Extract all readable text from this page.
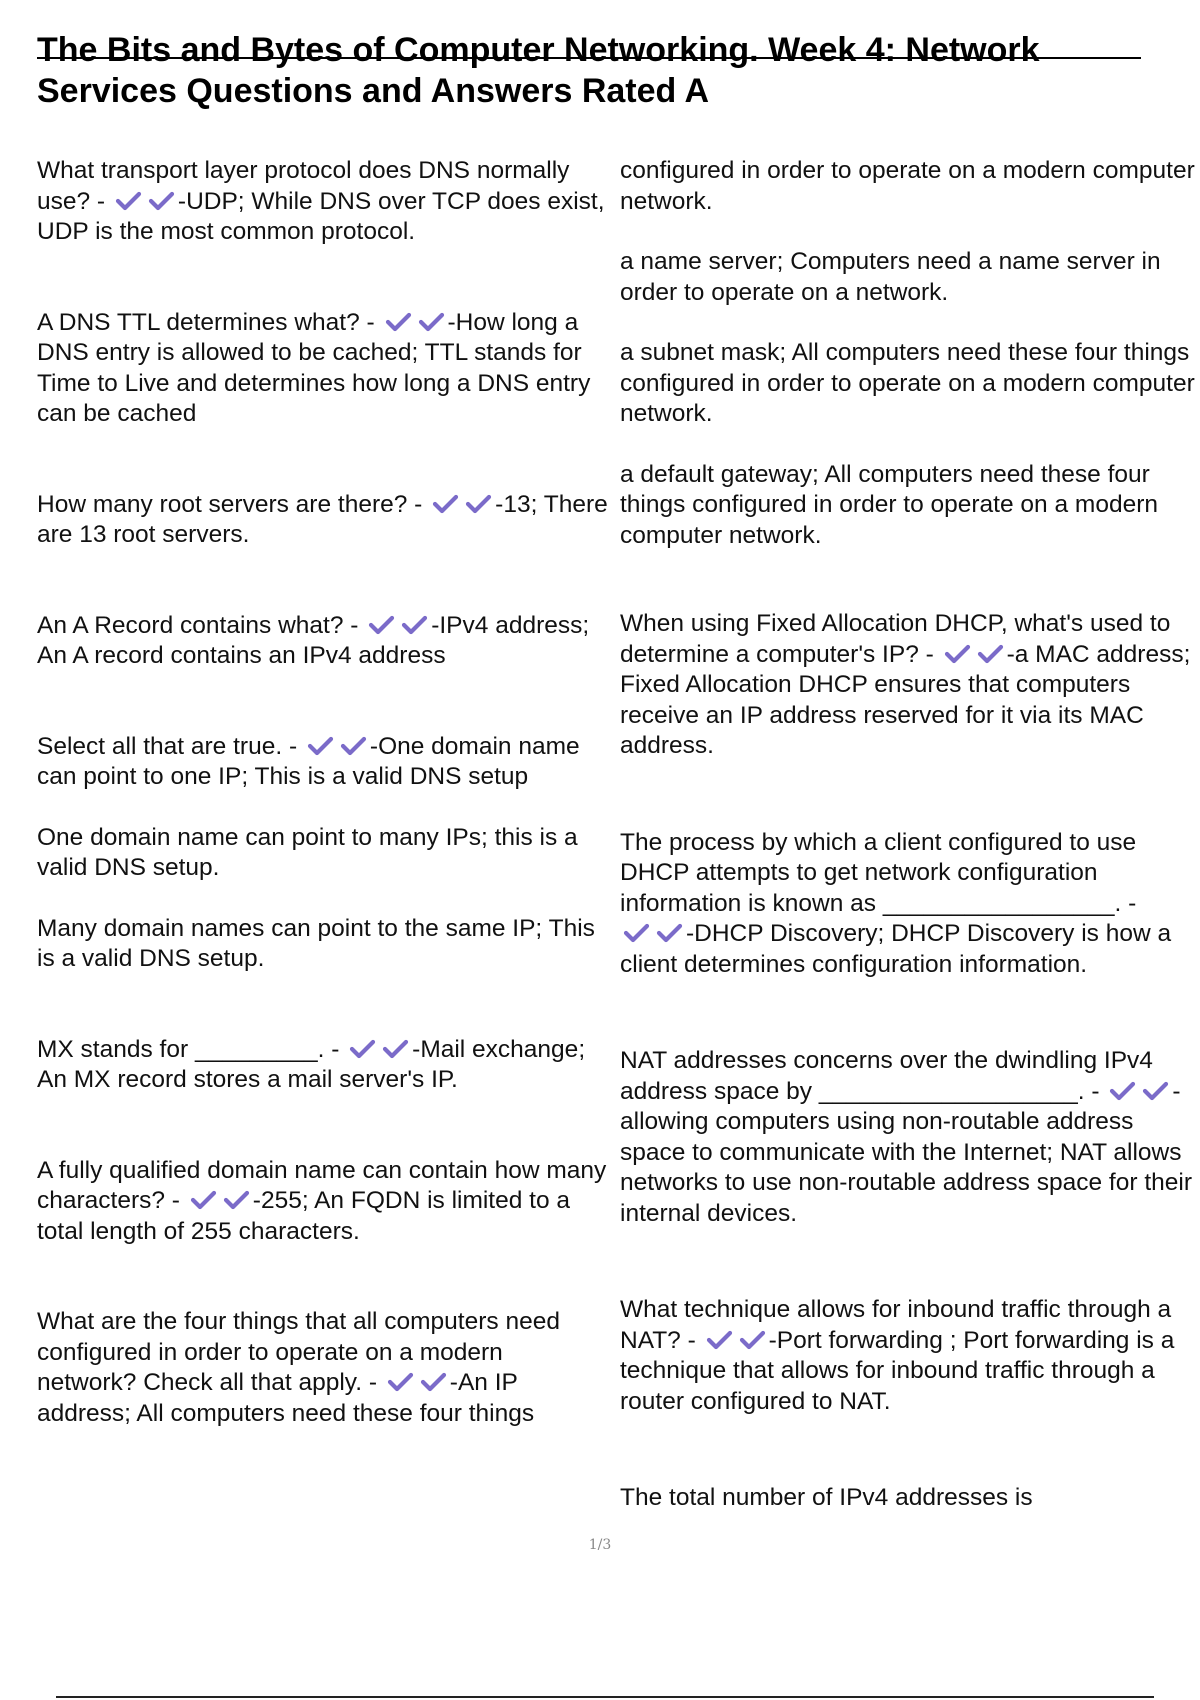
The Bits and Bytes of Computer Networking. Week 4: Network Services Questions and Answers Rated A

What transport layer protocol does DNS normally use? -	-UDP; While DNS over TCP does exist, UDP is the most common protocol.

A DNS TTL determines what? -	-How long a DNS entry is allowed to be cached; TTL stands for Time to Live and determines how long a DNS entry can be cached

How many root servers are there? -	-13; There are 13 root servers.

An A Record contains what? -	-IPv4 address; An A record contains an IPv4 address

Select all that are true. -	-One domain name can point to one IP; This is a valid DNS setup

One domain name can point to many IPs; this is a valid DNS setup.

Many domain names can point to the same IP; This is a valid DNS setup.

MX stands for _________. -	-Mail exchange; An MX record stores a mail server's IP.

A fully qualified domain name can contain how many characters? -	-255; An FQDN is limited to a total length of 255 characters.

What are the four things that all computers need configured in order to operate on a modern network? Check all that apply. -	-An IP address; All computers need these four things

configured in order to operate on a modern computer network.

a name server; Computers need a name server in order to operate on a network.

a subnet mask; All computers need these four things configured in order to operate on a modern computer network.

a default gateway; All computers need these four things configured in order to operate on a modern computer network.

When using Fixed Allocation DHCP, what's used to determine a computer's IP? -	-a MAC address; Fixed Allocation DHCP ensures that computers receive an IP address reserved for it via its MAC address.

The process by which a client configured to use DHCP attempts to get network configuration information is known as _________________. -
-DHCP Discovery; DHCP Discovery is how a client determines configuration information.

NAT addresses concerns over the dwindling IPv4 address space by ___________________. -	-allowing computers using non-routable address space to communicate with the Internet; NAT allows networks to use non-routable address space for their internal devices.

What technique allows for inbound traffic through a NAT? -	-Port forwarding ; Port forwarding is a technique that allows for inbound traffic through a router configured to NAT.

The total number of IPv4 addresses is

1/3
